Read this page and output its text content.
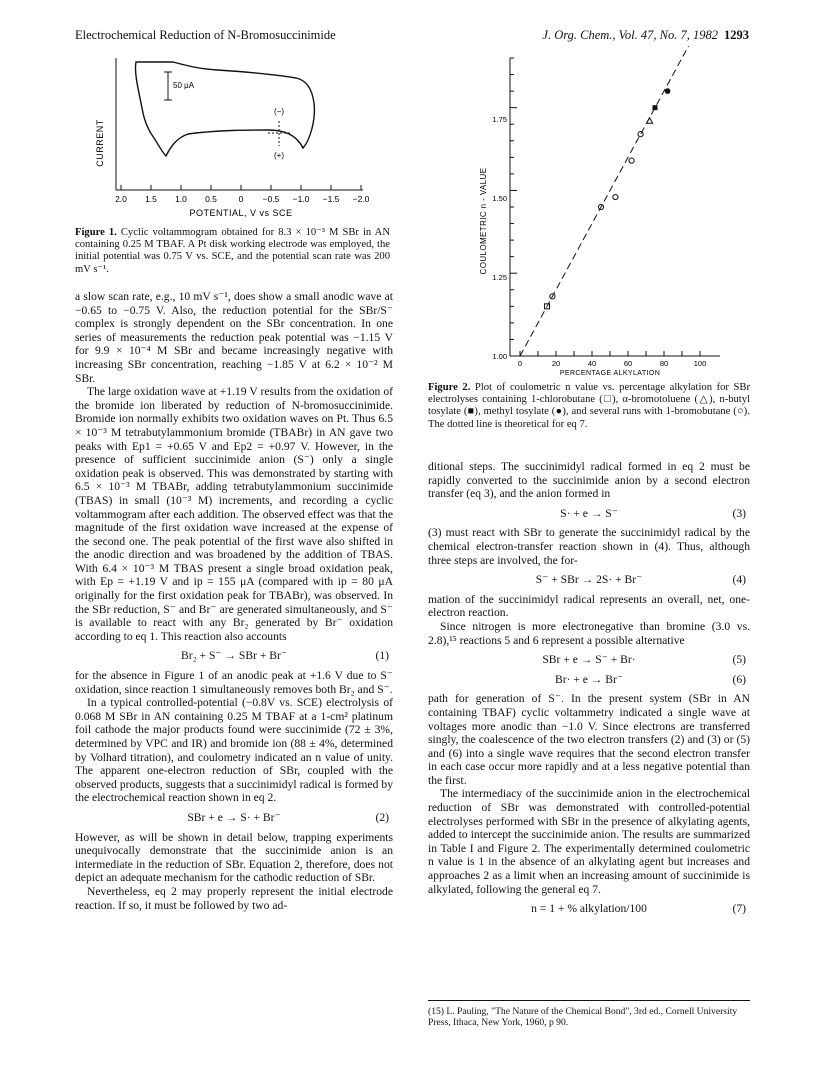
Electrochemical Reduction of N-Bromosuccinimide	J. Org. Chem., Vol. 47, No. 7, 1982 1293
CURRENT
2.0 1.5 1.0 0.5	0 −0.5 −1.0 −1.5 −2.0
POTENTIAL, V vs SCE
50 μA
(−)
(+)
Figure 1. Cyclic voltammogram obtained for 8.3 × 10⁻³ M SBr in AN containing 0.25 M TBAF. A Pt disk working electrode was employed, the initial potential was 0.75 V vs. SCE, and the potential scan rate was 200 mV s⁻¹.

a slow scan rate, e.g., 10 mV s⁻¹, does show a small anodic wave at −0.65 to −0.75 V. Also, the reduction potential for the SBr/S⁻ complex is strongly dependent on the SBr concentration. In one series of measurements the reduction peak potential was −1.15 V for 9.9 × 10⁻⁴ M SBr and became increasingly negative with increasing SBr concentration, reaching −1.85 V at 6.2 × 10⁻² M SBr.

The large oxidation wave at +1.19 V results from the oxidation of the bromide ion liberated by reduction of N-bromosuccinimide. Bromide ion normally exhibits two oxidation waves on Pt. Thus 6.5 × 10⁻³ M tetrabutylammonium bromide (TBABr) in AN gave two peaks with Ep1 = +0.65 V and Ep2 = +0.97 V. However, in the presence of sufficient succinimide anion (S⁻) only a single oxidation peak is observed. This was demonstrated by starting with 6.5 × 10⁻³ M TBABr, adding tetrabutylammonium succinimide (TBAS) in small (10⁻³ M) increments, and recording a cyclic voltammogram after each addition. The observed effect was that the magnitude of the first oxidation wave increased at the expense of the second one. The peak potential of the first wave also shifted in the anodic direction and was broadened by the addition of TBAS. With 6.4 × 10⁻³ M TBAS present a single broad oxidation peak, with Ep = +1.19 V and ip = 155 μA (compared with ip = 80 μA originally for the first oxidation peak for TBABr), was observed. In the SBr reduction, S⁻ and Br⁻ are generated simultaneously, and S⁻ is available to react with any Br₂ generated by Br⁻ oxidation according to eq 1. This reaction also accounts

Br₂ + S⁻ → SBr + Br⁻	(1)

for the absence in Figure 1 of an anodic peak at +1.6 V due to S⁻ oxidation, since reaction 1 simultaneously removes both Br₂ and S⁻.

In a typical controlled-potential (−0.8V vs. SCE) electrolysis of 0.068 M SBr in AN containing 0.25 M TBAF at a 1-cm² platinum foil cathode the major products found were succinimide (72 ± 3%, determined by VPC and IR) and bromide ion (88 ± 4%, determined by Volhard titration), and coulometry indicated an n value of unity. The apparent one-electron reduction of SBr, coupled with the observed products, suggests that a succinimidyl radical is formed by the electrochemical reaction shown in eq 2.

SBr + e → S· + Br⁻	(2)

However, as will be shown in detail below, trapping experiments unequivocally demonstrate that the succinimide anion is an intermediate in the reduction of SBr. Equation 2, therefore, does not depict an adequate mechanism for the cathodic reduction of SBr.

Nevertheless, eq 2 may properly represent the initial electrode reaction. If so, it must be followed by two ad-

COULOMETRIC n - VALUE
1.00
1.25
1.50
1.75
0	20	40	60	80	100
PERCENTAGE ALKYLATION
Figure 2. Plot of coulometric n value vs. percentage alkylation for SBr electrolyses containing 1-chlorobutane (□), α-bromotoluene (△), n-butyl tosylate (■), methyl tosylate (●), and several runs with 1-bromobutane (○). The dotted line is theoretical for eq 7.

ditional steps. The succinimidyl radical formed in eq 2 must be rapidly converted to the succinimide anion by a second electron transfer (eq 3), and the anion formed in

S· + e → S⁻	(3)

(3) must react with SBr to generate the succinimidyl radical by the chemical electron-transfer reaction shown in (4). Thus, although three steps are involved, the for-

S⁻ + SBr → 2S· + Br⁻	(4)

mation of the succinimidyl radical represents an overall, net, one-electron reaction.

Since nitrogen is more electronegative than bromine (3.0 vs. 2.8),¹⁵ reactions 5 and 6 represent a possible alternative

SBr + e → S⁻ + Br·	(5)
Br· + e → Br⁻	(6)

path for generation of S⁻. In the present system (SBr in AN containing TBAF) cyclic voltammetry indicated a single wave at voltages more anodic than −1.0 V. Since electrons are transferred singly, the coalescence of the two electron transfers (2) and (3) or (5) and (6) into a single wave requires that the second electron transfer in each case occur more rapidly and at a less negative potential than the first.

The intermediacy of the succinimide anion in the electrochemical reduction of SBr was demonstrated with controlled-potential electrolyses performed with SBr in the presence of alkylating agents, added to intercept the succinimide anion. The results are summarized in Table I and Figure 2. The experimentally determined coulometric n value is 1 in the absence of an alkylating agent but increases and approaches 2 as a limit when an increasing amount of succinimide is alkylated, following the general eq 7.

n = 1 + % alkylation/100	(7)
(15) L. Pauling, "The Nature of the Chemical Bond", 3rd ed., Cornell University Press, Ithaca, New York, 1960, p 90.
